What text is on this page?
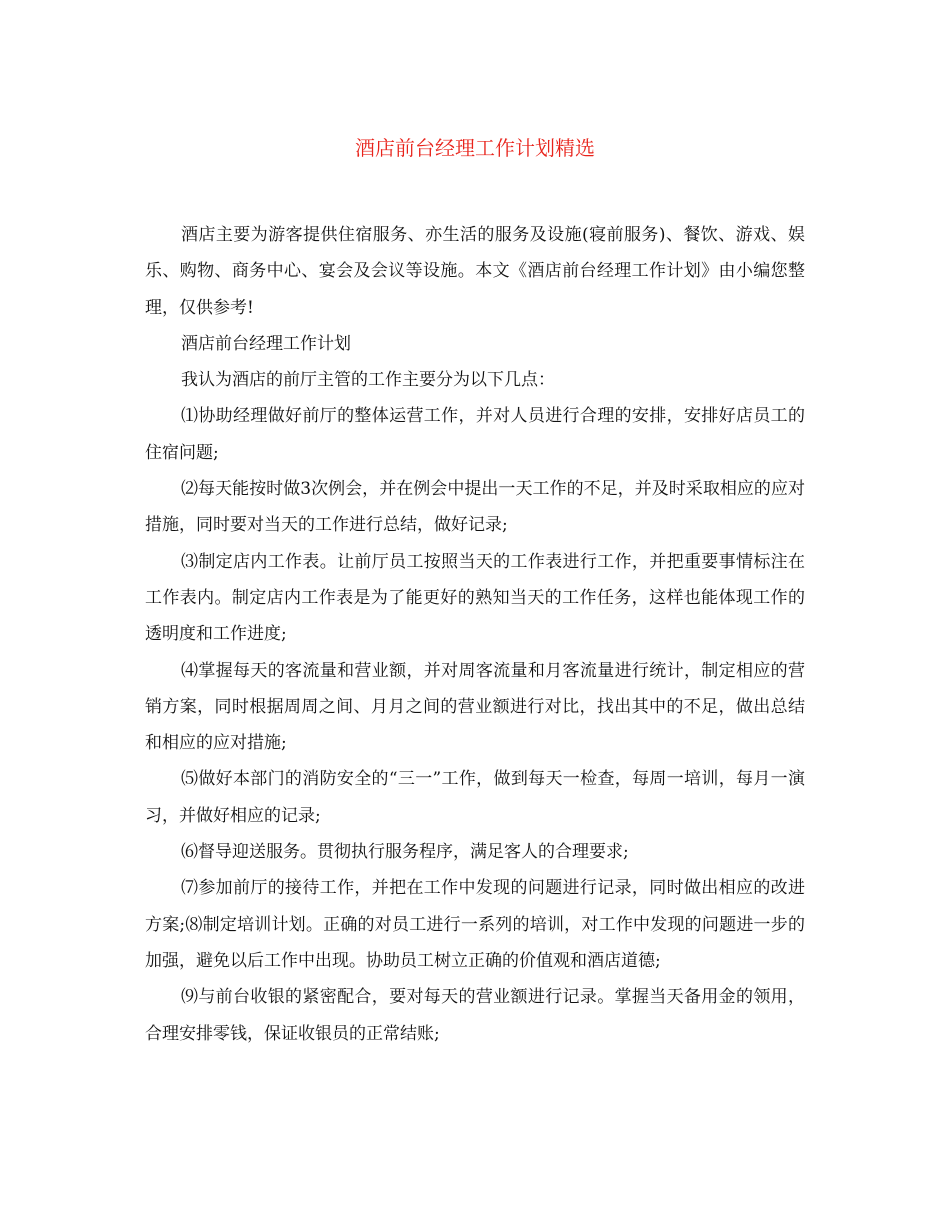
酒店前台经理工作计划精选

酒店主要为游客提供住宿服务、亦生活的服务及设施(寝前服务)、餐饮、游戏、娱乐、购物、商务中心、宴会及会议等设施。本文《酒店前台经理工作计划》由小编您整理，仅供参考!

酒店前台经理工作计划

我认为酒店的前厅主管的工作主要分为以下几点：

⑴协助经理做好前厅的整体运营工作，并对人员进行合理的安排，安排好店员工的住宿问题;

⑵每天能按时做3次例会，并在例会中提出一天工作的不足，并及时采取相应的应对措施，同时要对当天的工作进行总结，做好记录;

⑶制定店内工作表。让前厅员工按照当天的工作表进行工作，并把重要事情标注在工作表内。制定店内工作表是为了能更好的熟知当天的工作任务，这样也能体现工作的透明度和工作进度;

⑷掌握每天的客流量和营业额，并对周客流量和月客流量进行统计，制定相应的营销方案，同时根据周周之间、月月之间的营业额进行对比，找出其中的不足，做出总结和相应的应对措施;

⑸做好本部门的消防安全的“三一”工作，做到每天一检查，每周一培训，每月一演习，并做好相应的记录;

⑹督导迎送服务。贯彻执行服务程序，满足客人的合理要求;

⑺参加前厅的接待工作，并把在工作中发现的问题进行记录，同时做出相应的改进方案;⑻制定培训计划。正确的对员工进行一系列的培训，对工作中发现的问题进一步的加强，避免以后工作中出现。协助员工树立正确的价值观和酒店道德;

⑼与前台收银的紧密配合，要对每天的营业额进行记录。掌握当天备用金的领用，合理安排零钱，保证收银员的正常结账;
